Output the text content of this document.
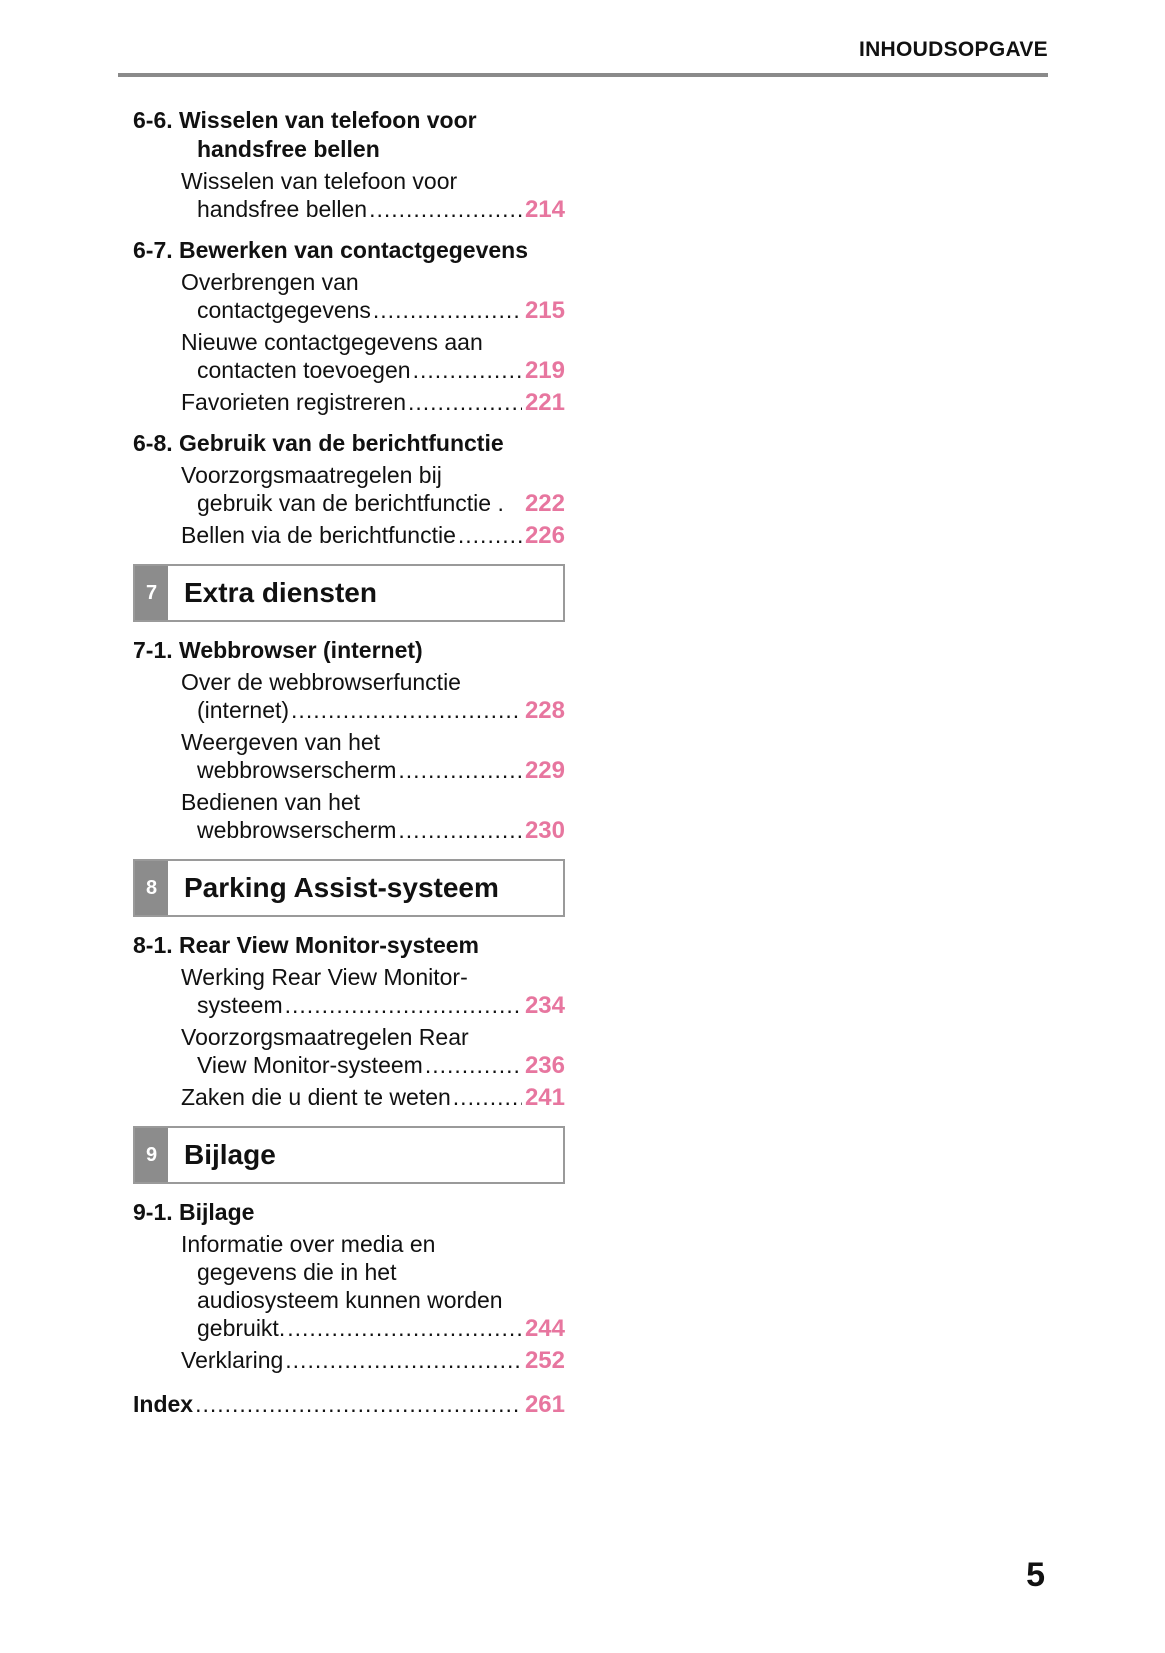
INHOUDSOPGAVE
6-6. Wisselen van telefoon voor
handsfree bellen
Wisselen van telefoon voor
handsfree bellen .....	214
6-7. Bewerken van contactgegevens
Overbrengen van
contactgegevens .....	215
Nieuwe contactgegevens aan
contacten toevoegen .....	219
Favorieten registreren .....	221
6-8. Gebruik van de berichtfunctie
Voorzorgsmaatregelen bij
gebruik van de berichtfunctie . 222
Bellen via de berichtfunctie .....	226
7 Extra diensten
7-1. Webbrowser (internet)
Over de webbrowserfunctie
(internet) .....	228
Weergeven van het
webbrowserscherm .....	229
Bedienen van het
webbrowserscherm .....	230
8 Parking Assist-systeem
8-1. Rear View Monitor-systeem
Werking Rear View Monitor-
systeem .....	234
Voorzorgsmaatregelen Rear
View Monitor-systeem .....	236
Zaken die u dient te weten .....	241
9 Bijlage
9-1. Bijlage
Informatie over media en
gegevens die in het
audiosysteem kunnen worden
gebruikt. .....	244
Verklaring .....	252
Index .....	261
5
